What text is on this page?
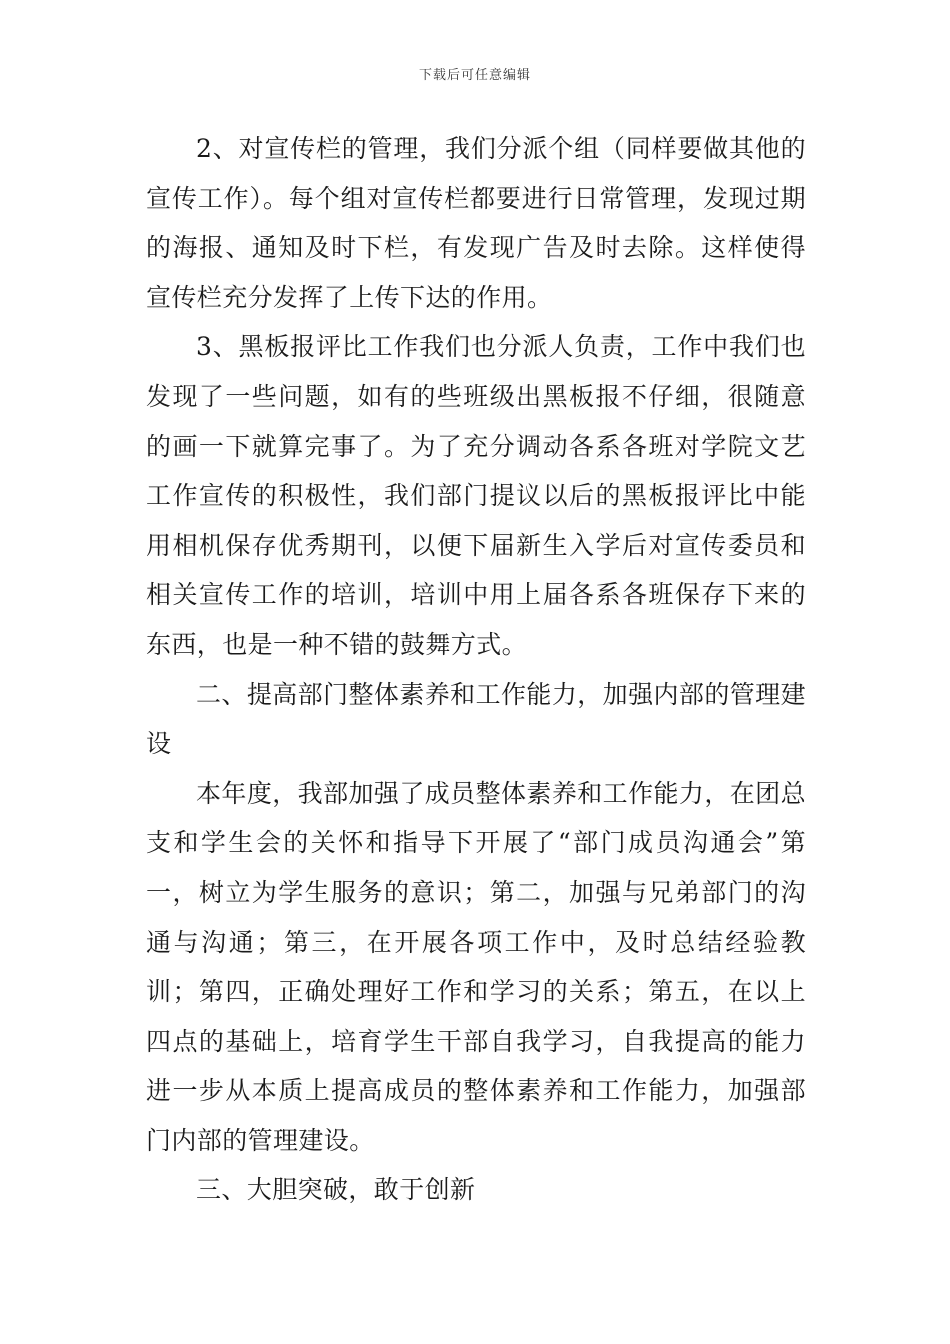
下载后可任意编辑

2、对宣传栏的管理，我们分派个组（同样要做其他的宣传工作）。每个组对宣传栏都要进行日常管理，发现过期的海报、通知及时下栏，有发现广告及时去除。这样使得宣传栏充分发挥了上传下达的作用。

3、黑板报评比工作我们也分派人负责，工作中我们也发现了一些问题，如有的些班级出黑板报不仔细，很随意的画一下就算完事了。为了充分调动各系各班对学院文艺工作宣传的积极性，我们部门提议以后的黑板报评比中能用相机保存优秀期刊，以便下届新生入学后对宣传委员和相关宣传工作的培训，培训中用上届各系各班保存下来的东西，也是一种不错的鼓舞方式。

二、提高部门整体素养和工作能力，加强内部的管理建设

本年度，我部加强了成员整体素养和工作能力，在团总支和学生会的关怀和指导下开展了“部门成员沟通会”第一，树立为学生服务的意识；第二，加强与兄弟部门的沟通与沟通；第三，在开展各项工作中，及时总结经验教训；第四，正确处理好工作和学习的关系；第五，在以上四点的基础上，培育学生干部自我学习，自我提高的能力进一步从本质上提高成员的整体素养和工作能力，加强部门内部的管理建设。

三、大胆突破，敢于创新
